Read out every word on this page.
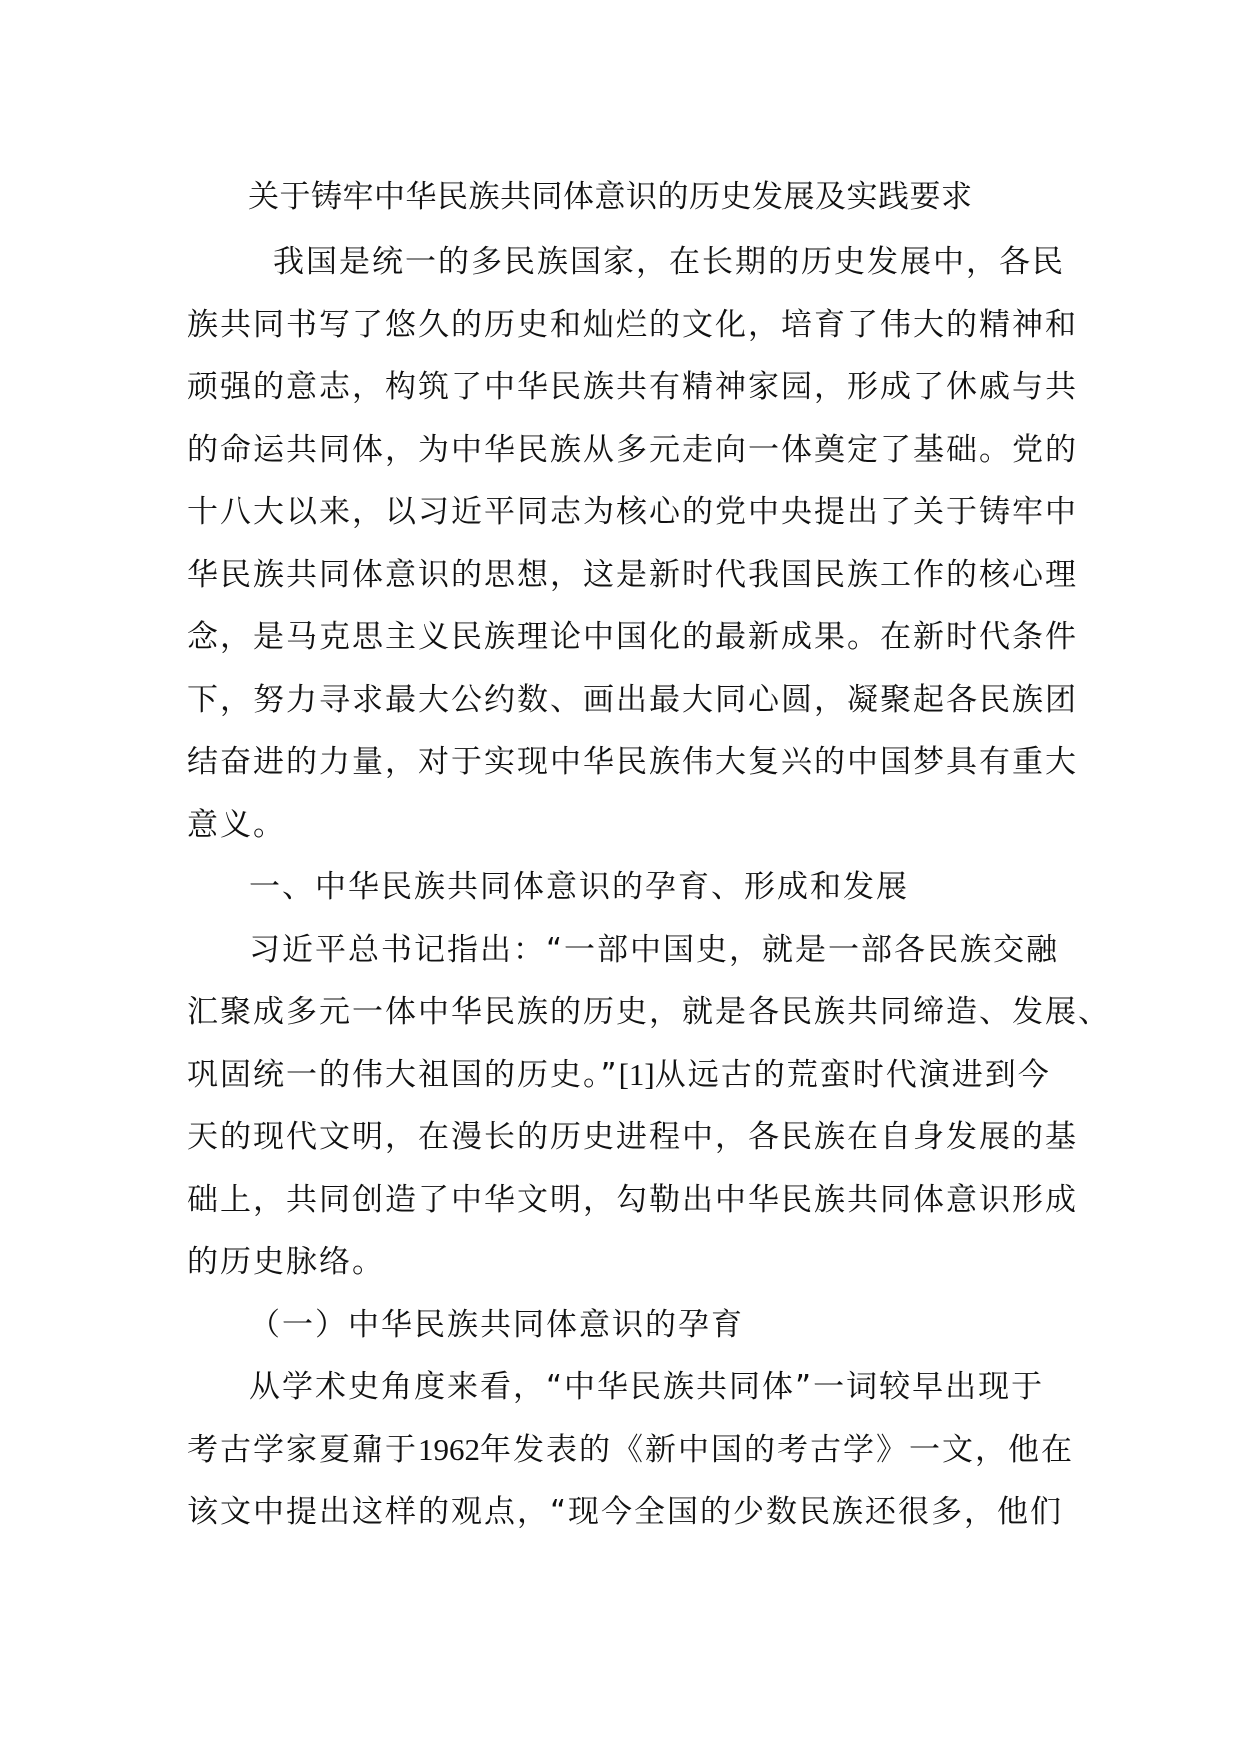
关于铸牢中华民族共同体意识的历史发展及实践要求
我国是统一的多民族国家，在长期的历史发展中，各民
族共同书写了悠久的历史和灿烂的文化，培育了伟大的精神和
顽强的意志，构筑了中华民族共有精神家园，形成了休戚与共
的命运共同体，为中华民族从多元走向一体奠定了基础。党的
十八大以来，以习近平同志为核心的党中央提出了关于铸牢中
华民族共同体意识的思想，这是新时代我国民族工作的核心理
念，是马克思主义民族理论中国化的最新成果。在新时代条件
下，努力寻求最大公约数、画出最大同心圆，凝聚起各民族团
结奋进的力量，对于实现中华民族伟大复兴的中国梦具有重大
意义。
一、中华民族共同体意识的孕育、形成和发展
习近平总书记指出：“一部中国史，就是一部各民族交融
汇聚成多元一体中华民族的历史，就是各民族共同缔造、发展、
巩固统一的伟大祖国的历史。”[1]从远古的荒蛮时代演进到今
天的现代文明，在漫长的历史进程中，各民族在自身发展的基
础上，共同创造了中华文明，勾勒出中华民族共同体意识形成
的历史脉络。
（一）中华民族共同体意识的孕育
从学术史角度来看，“中华民族共同体”一词较早出现于
考古学家夏鼐于1962年发表的《新中国的考古学》一文，他在
该文中提出这样的观点，“现今全国的少数民族还很多，他们
